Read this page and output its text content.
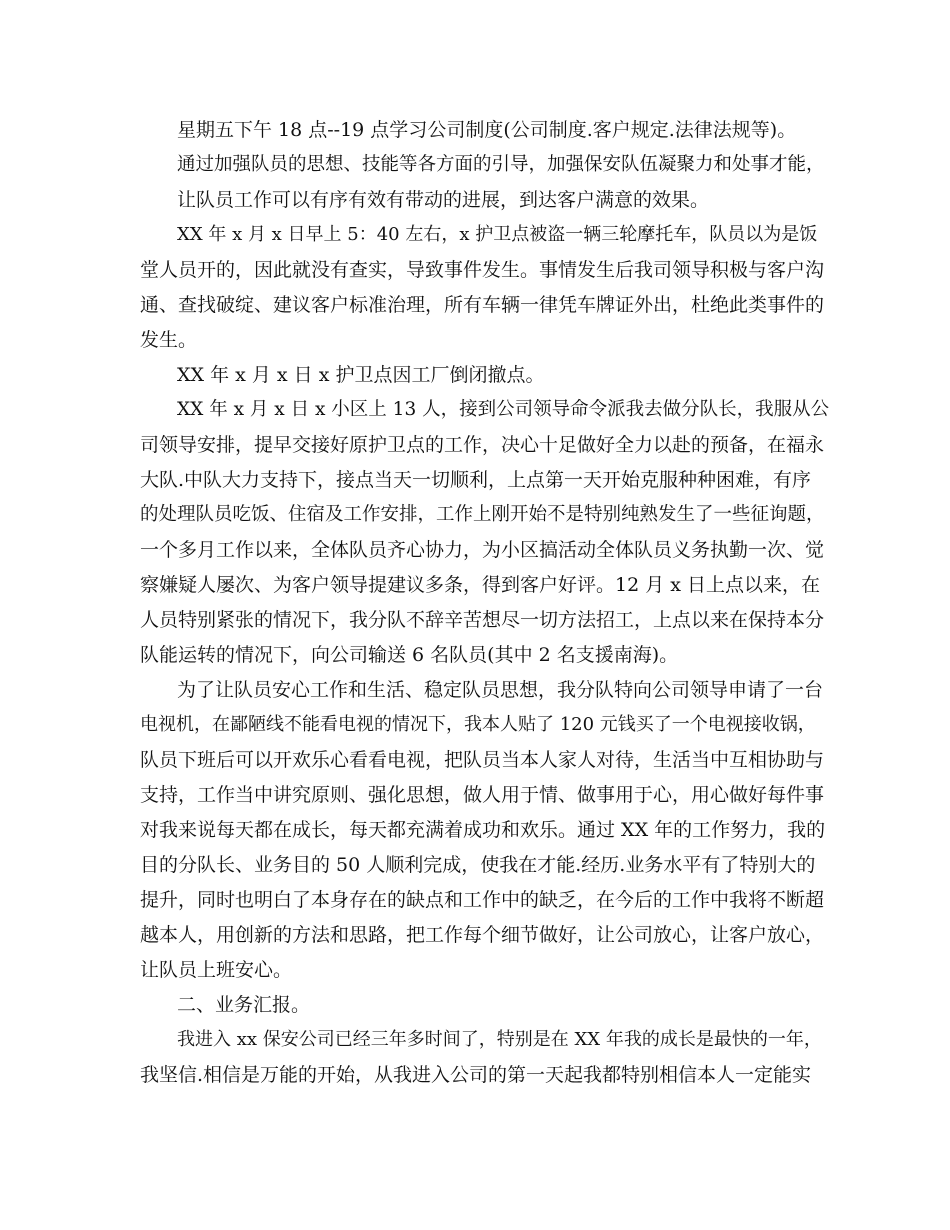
星期五下午 18 点--19 点学习公司制度(公司制度.客户规定.法律法规等)。
通过加强队员的思想、技能等各方面的引导，加强保安队伍凝聚力和处事才能，
让队员工作可以有序有效有带动的进展，到达客户满意的效果。
XX 年 x 月 x 日早上 5：40 左右，x 护卫点被盗一辆三轮摩托车，队员以为是饭
堂人员开的，因此就没有查实，导致事件发生。事情发生后我司领导积极与客户沟
通、查找破绽、建议客户标准治理，所有车辆一律凭车牌证外出，杜绝此类事件的
发生。
XX 年 x 月 x 日 x 护卫点因工厂倒闭撤点。
XX 年 x 月 x 日 x 小区上 13 人，接到公司领导命令派我去做分队长，我服从公
司领导安排，提早交接好原护卫点的工作，决心十足做好全力以赴的预备，在福永
大队.中队大力支持下，接点当天一切顺利，上点第一天开始克服种种困难，有序
的处理队员吃饭、住宿及工作安排，工作上刚开始不是特别纯熟发生了一些征询题，
一个多月工作以来，全体队员齐心协力，为小区搞活动全体队员义务执勤一次、觉
察嫌疑人屡次、为客户领导提建议多条，得到客户好评。12 月 x 日上点以来，在
人员特别紧张的情况下，我分队不辞辛苦想尽一切方法招工，上点以来在保持本分
队能运转的情况下，向公司输送 6 名队员(其中 2 名支援南海)。
为了让队员安心工作和生活、稳定队员思想，我分队特向公司领导申请了一台
电视机，在鄙陋线不能看电视的情况下，我本人贴了 120 元钱买了一个电视接收锅，
队员下班后可以开欢乐心看看电视，把队员当本人家人对待，生活当中互相协助与
支持，工作当中讲究原则、强化思想，做人用于情、做事用于心，用心做好每件事
对我来说每天都在成长，每天都充满着成功和欢乐。通过 XX 年的工作努力，我的
目的分队长、业务目的 50 人顺利完成，使我在才能.经历.业务水平有了特别大的
提升，同时也明白了本身存在的缺点和工作中的缺乏，在今后的工作中我将不断超
越本人，用创新的方法和思路，把工作每个细节做好，让公司放心，让客户放心，
让队员上班安心。
二、业务汇报。
我进入 xx 保安公司已经三年多时间了，特别是在 XX 年我的成长是最快的一年，
我坚信.相信是万能的开始，从我进入公司的第一天起我都特别相信本人一定能实
